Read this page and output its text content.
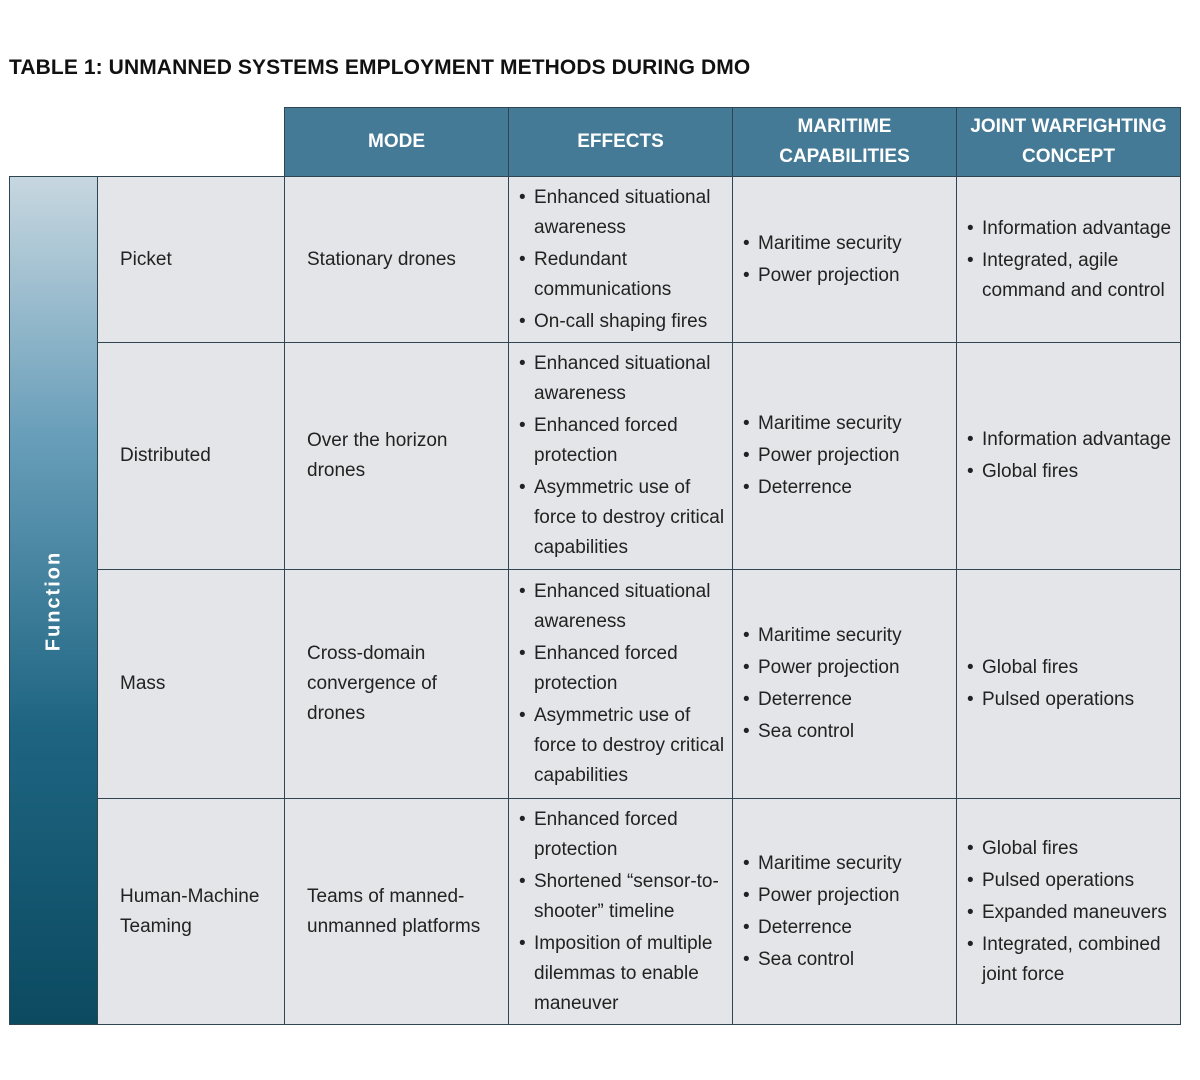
TABLE 1: UNMANNED SYSTEMS EMPLOYMENT METHODS DURING DMO
MODE	EFFECTS
MARITIME CAPABILITIES
JOINT WARFIGHTING CONCEPT
Function
Picket	Stationary drones
• Enhanced situational awareness
• Redundant communications
• On-call shaping fires
• Maritime security
• Power projection
• Information advantage
• Integrated, agile command and control
Distributed
Over the horizon drones
• Enhanced situational awareness
• Enhanced forced protection
• Asymmetric use of force to destroy critical capabilities
• Maritime security
• Power projection
• Deterrence
• Information advantage
• Global fires
Mass
Cross-domain convergence of drones
• Enhanced situational awareness
• Enhanced forced protection
• Asymmetric use of force to destroy critical capabilities
• Maritime security
• Power projection
• Deterrence
• Sea control
• Global fires
• Pulsed operations
Human-Machine Teaming
Teams of manned-unmanned platforms
• Enhanced forced protection
• Shortened “sensor-to-shooter” timeline
• Imposition of multiple dilemmas to enable maneuver
• Maritime security
• Power projection
• Deterrence
• Sea control
• Global fires
• Pulsed operations
• Expanded maneuvers
• Integrated, combined joint force
